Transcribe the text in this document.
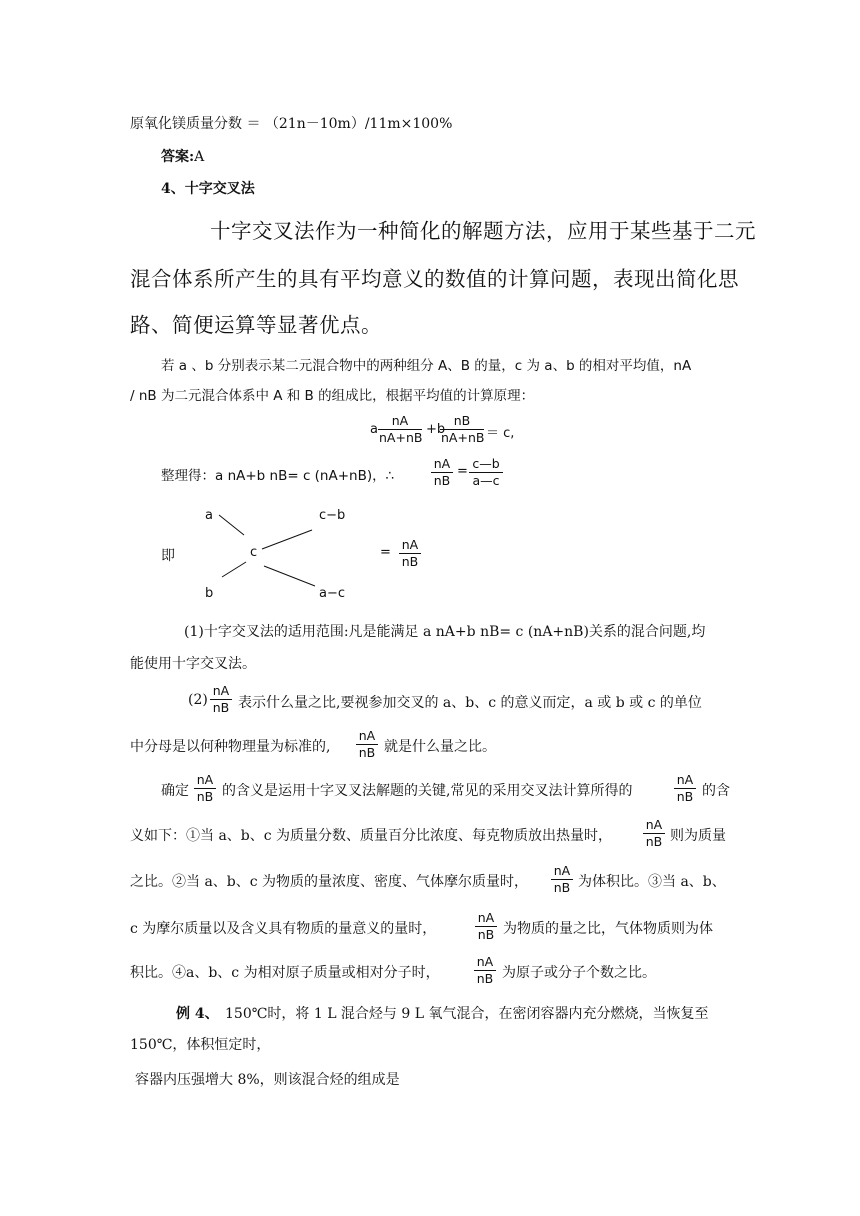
原氧化镁质量分数 ＝ （21n－10m）/11m×100%
答案:A
4、十字交叉法
十字交叉法作为一种简化的解题方法，应用于某些基于二元
混合体系所产生的具有平均意义的数值的计算问题，表现出简化思
路、简便运算等显著优点。
若 a 、b 分别表示某二元混合物中的两种组分 A、B 的量，c 为 a、b 的相对平均值，nA
/ nB 为二元混合体系中 A 和 B 的组成比，根据平均值的计算原理：
a $\frac{nA}{nA+nB} +b$
$\frac{nB}{nA+nB} = c$,
整理得：a nA+b nB= c (nA+nB)，∴	$\frac{nA}{nB} = \frac{c—b}{a—c}$
即
a	c−b
c
b	a−c
= $\frac{nA}{nB}$
(1)十字交叉法的适用范围:凡是能满足 a nA+b nB= c (nA+nB)关系的混合问题,均
能使用十字交叉法。
$(2) \frac{nA}{nB}$ 表示什么量之比,要视参加交叉的 a、b、c 的意义而定，a 或 b 或 c 的单位
中分母是以何种物理量为标准的, $\frac{nA}{nB}$ 就是什么量之比。
确定 $\frac{nA}{nB}$ 的含义是运用十字叉叉法解题的关键,常见的采用交叉法计算所得的	$\frac{nA}{nB}$ 的含
义如下：①当 a、b、c 为质量分数、质量百分比浓度、每克物质放出热量时， $\frac{nA}{nB}$ 则为质量
之比。②当 a、b、c 为物质的量浓度、密度、气体摩尔质量时， $\frac{nA}{nB}$ 为体积比。③当 a、b、
c 为摩尔质量以及含义具有物质的量意义的量时，	$\frac{nA}{nB}$ 为物质的量之比，气体物质则为体
积比。④a、b、c 为相对原子质量或相对分子时，	$\frac{nA}{nB}$ 为原子或分子个数之比。
例 4、 150℃时，将 1 L 混合烃与 9 L 氧气混合，在密闭容器内充分燃烧，当恢复至
150℃，体积恒定时，
容器内压强增大 8%，则该混合烃的组成是
